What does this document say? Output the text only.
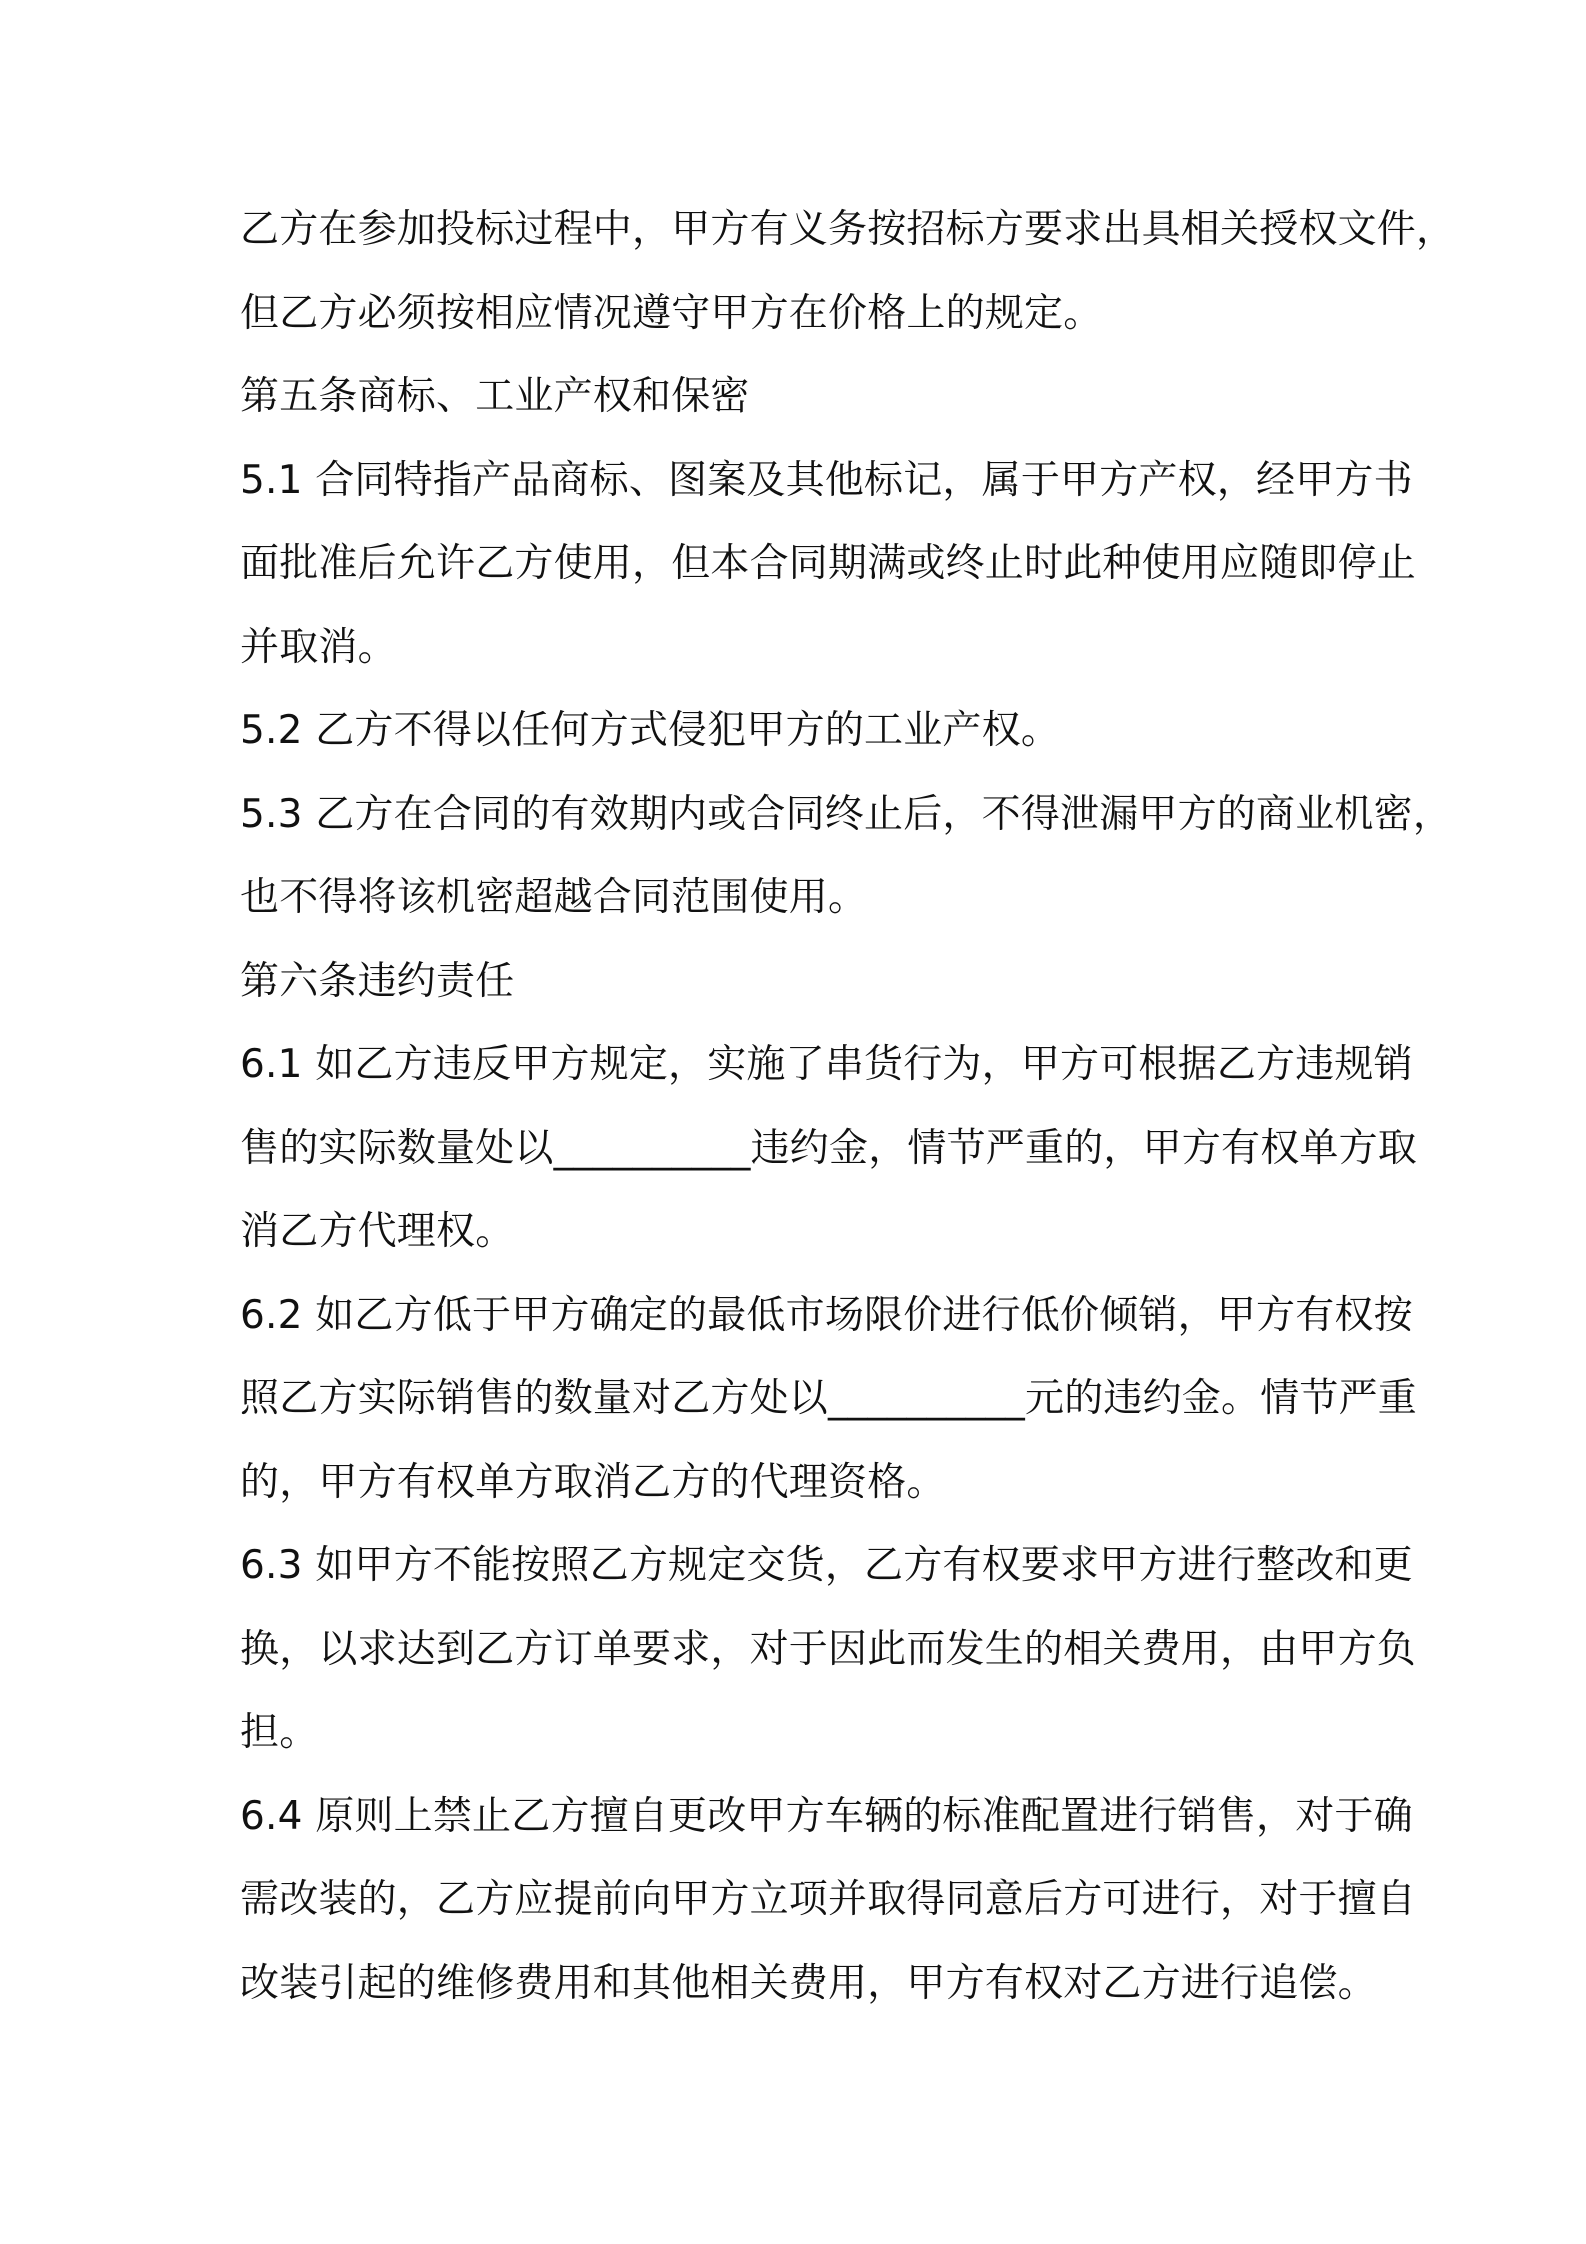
乙方在参加投标过程中，甲方有义务按招标方要求出具相关授权文件，
但乙方必须按相应情况遵守甲方在价格上的规定。
第五条商标、工业产权和保密
5.1 合同特指产品商标、图案及其他标记，属于甲方产权，经甲方书
面批准后允许乙方使用，但本合同期满或终止时此种使用应随即停止
并取消。
5.2 乙方不得以任何方式侵犯甲方的工业产权。
5.3 乙方在合同的有效期内或合同终止后，不得泄漏甲方的商业机密，
也不得将该机密超越合同范围使用。
第六条违约责任
6.1 如乙方违反甲方规定，实施了串货行为，甲方可根据乙方违规销
售的实际数量处以__________违约金，情节严重的，甲方有权单方取
消乙方代理权。
6.2 如乙方低于甲方确定的最低市场限价进行低价倾销，甲方有权按
照乙方实际销售的数量对乙方处以__________元的违约金。情节严重
的，甲方有权单方取消乙方的代理资格。
6.3 如甲方不能按照乙方规定交货，乙方有权要求甲方进行整改和更
换，以求达到乙方订单要求，对于因此而发生的相关费用，由甲方负
担。
6.4 原则上禁止乙方擅自更改甲方车辆的标准配置进行销售，对于确
需改装的，乙方应提前向甲方立项并取得同意后方可进行，对于擅自
改装引起的维修费用和其他相关费用，甲方有权对乙方进行追偿。
